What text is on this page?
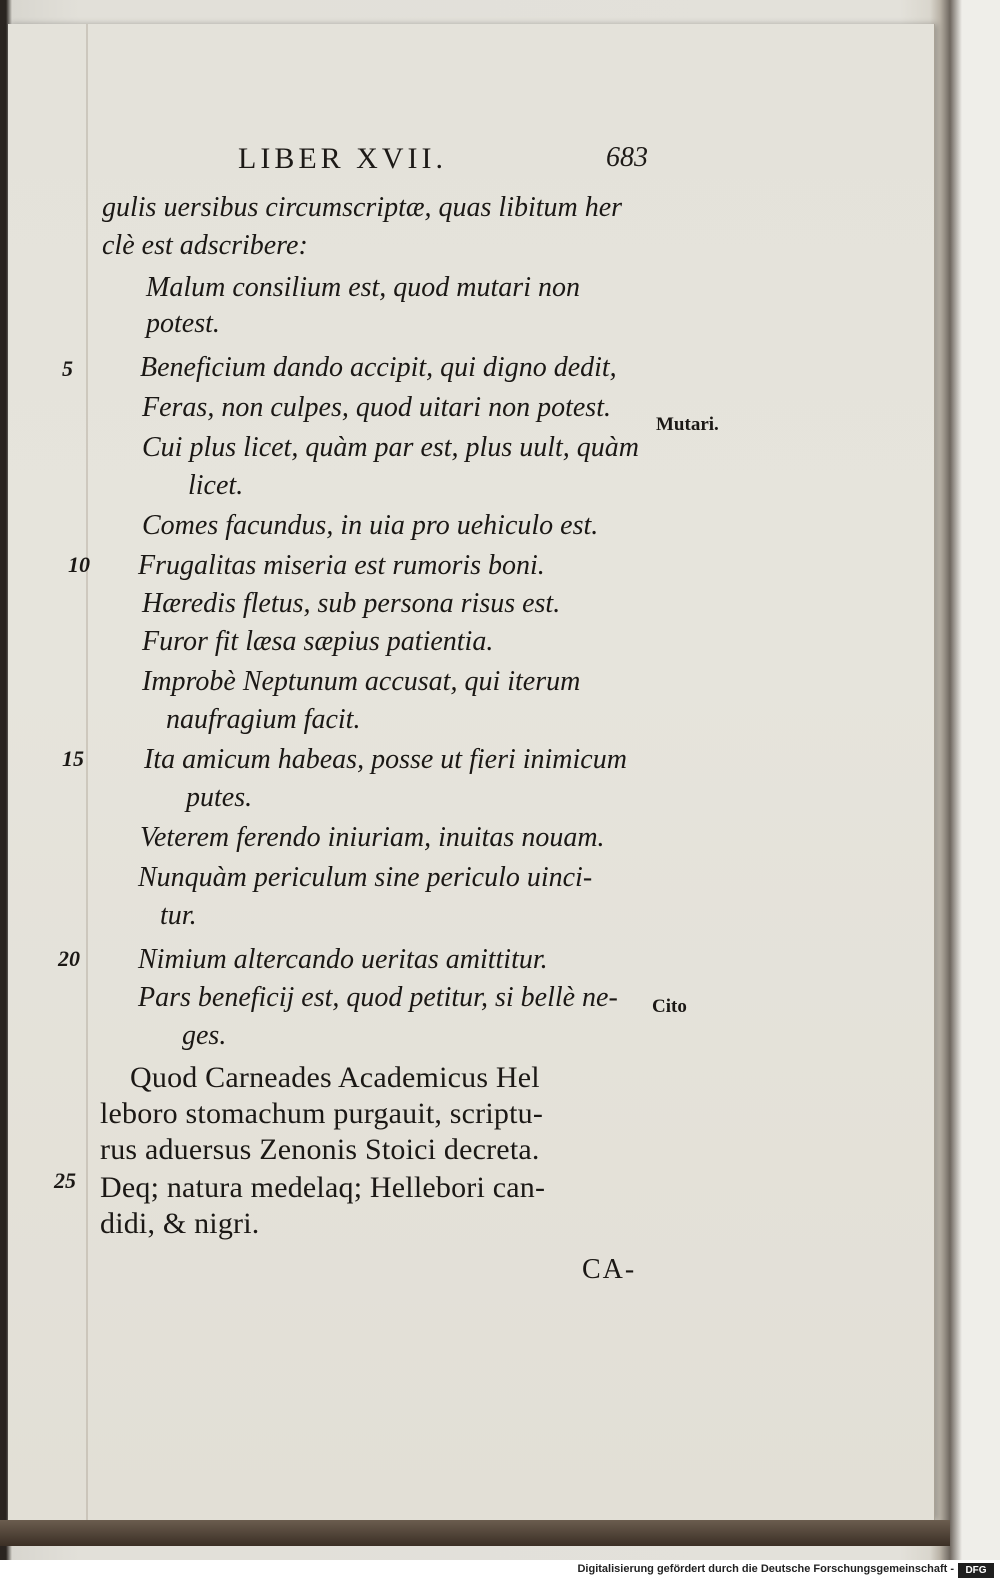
LIBER XVII.	683
gulis uersibus circumscriptæ, quas libitum her
clè est adscribere:
Malum consilium est, quod mutari non
potest.
Beneficium dando accipit, qui digno dedit,
Feras, non culpes, quod uitari non potest.
Cui plus licet, quàm par est, plus uult, quàm
licet.
Comes facundus, in uia pro uehiculo est.
Frugalitas miseria est rumoris boni.
Hæredis fletus, sub persona risus est.
Furor fit læsa sæpius patientia.
Improbè Neptunum accusat, qui iterum
naufragium facit.
Ita amicum habeas, posse ut fieri inimicum
putes.
Veterem ferendo iniuriam, inuitas nouam.
Nunquàm periculum sine periculo uinci-
tur.
Nimium altercando ueritas amittitur.
Pars beneficij est, quod petitur, si bellè ne-
ges.
Quod Carneades Academicus Hel
leboro stomachum purgauit, scriptu-
rus aduersus Zenonis Stoici decreta.
Deq; natura medelaq; Hellebori can-
didi, & nigri.
5
10
15
20
25
Mutari.
Cito
CA-
Digitalisierung gefördert durch die Deutsche Forschungsgemeinschaft -	DFG
